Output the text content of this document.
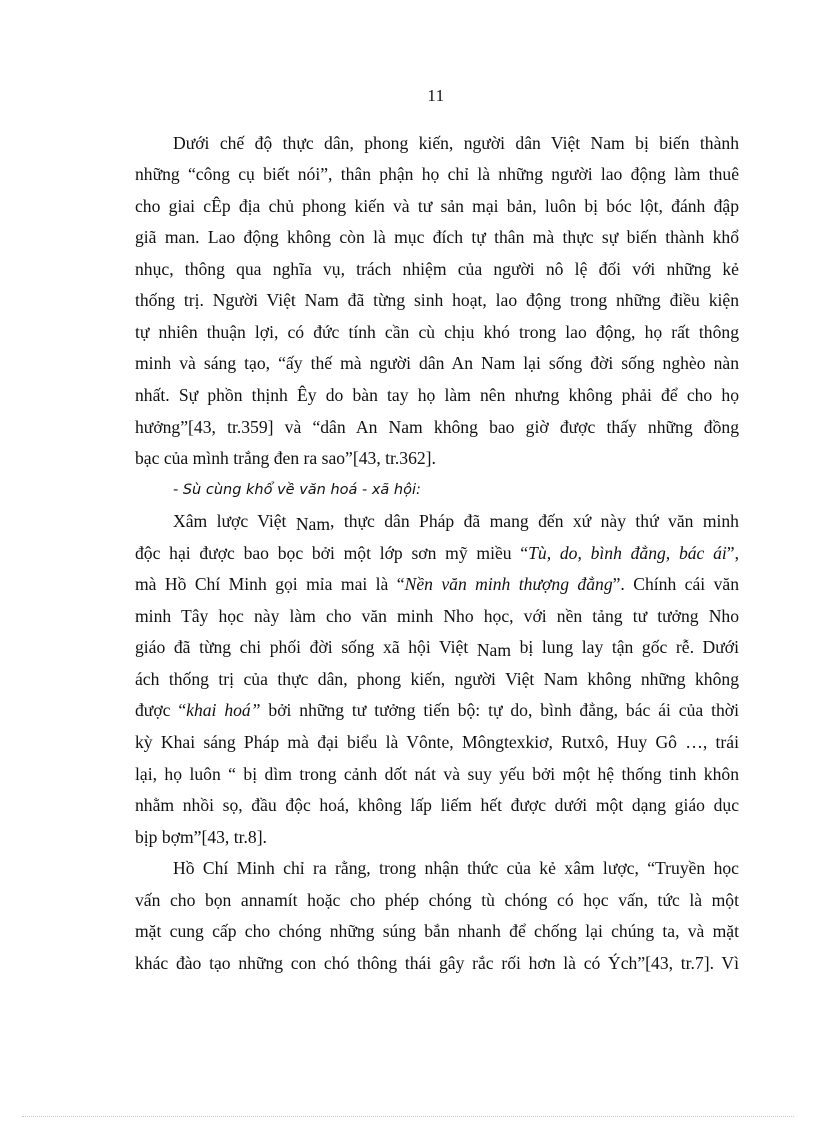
11
Dưới chế độ thực dân, phong kiến, người dân Việt Nam bị biến thành
những “công cụ biết nói”, thân phận họ chỉ là những người lao động làm thuê
cho giai cÊp địa chủ phong kiến và tư sản mại bản, luôn bị bóc lột, đánh đập
giã man. Lao động không còn là mục đích tự thân mà thực sự biến thành khổ
nhục, thông qua nghĩa vụ, trách nhiệm của người nô lệ đối với những kẻ
thống trị. Người Việt Nam đã từng sinh hoạt, lao động trong những điều kiện
tự nhiên thuận lợi, có đức tính cần cù chịu khó trong lao động, họ rất thông
minh và sáng tạo, “ấy thế mà người dân An Nam lại sống đời sống nghèo nàn
nhất. Sự phồn thịnh Êy do bàn tay họ làm nên nhưng không phải để cho họ
hưởng”[43, tr.359] và “dân An Nam không bao giờ được thấy những đồng
bạc của mình trắng đen ra sao”[43, tr.362].
- Sù cùng khổ về văn hoá - xã hội:
Xâm lược Việt Nam, thực dân Pháp đã mang đến xứ này thứ văn minh
độc hại được bao bọc bởi một lớp sơn mỹ miều “Tù, do, bình đẳng, bác ái”,
mà Hồ Chí Minh gọi mỉa mai là “Nền văn minh thượng đẳng”. Chính cái văn
minh Tây học này làm cho văn minh Nho học, với nền tảng tư tưởng Nho
giáo đã từng chi phối đời sống xã hội Việt Nam bị lung lay tận gốc rễ. Dưới
ách thống trị của thực dân, phong kiến, người Việt Nam không những không
được “khai hoá” bởi những tư tưởng tiến bộ: tự do, bình đẳng, bác ái của thời
kỳ Khai sáng Pháp mà đại biểu là Vônte, Môngtexkiơ, Rutxô, Huy Gô …, trái
lại, họ luôn “ bị dìm trong cảnh dốt nát và suy yếu bởi một hệ thống tinh khôn
nhằm nhồi sọ, đầu độc hoá, không lấp liếm hết được dưới một dạng giáo dục
bịp bợm”[43, tr.8].
Hồ Chí Minh chỉ ra rằng, trong nhận thức của kẻ xâm lược, “Truyền học
vấn cho bọn annamít hoặc cho phép chóng tù chóng có học vấn, tức là một
mặt cung cấp cho chóng những súng bắn nhanh để chống lại chúng ta, và mặt
khác đào tạo những con chó thông thái gây rắc rối hơn là có Ých”[43, tr.7]. Vì
